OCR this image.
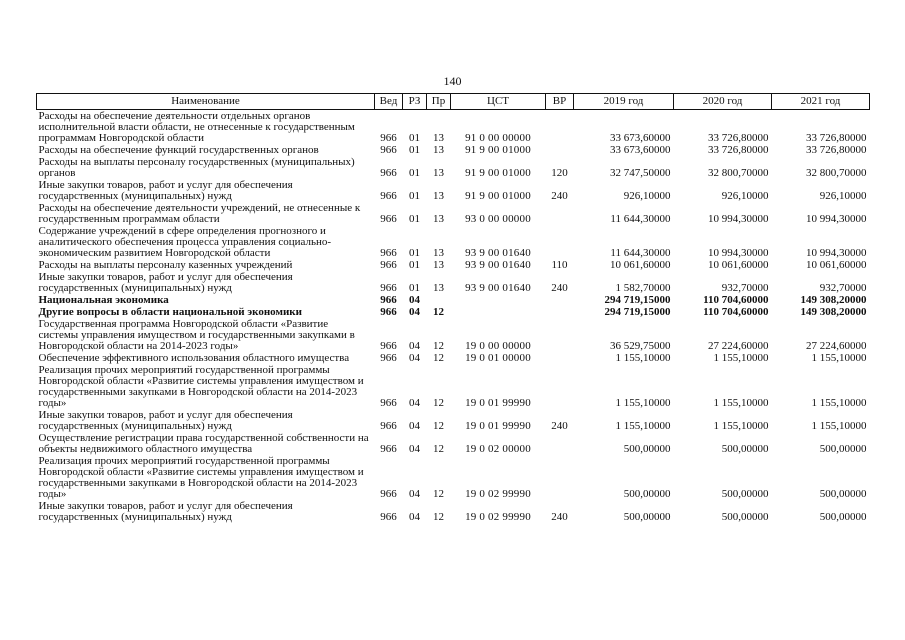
140
Наименование	Вед	РЗ	Пр	ЦСТ	ВР	2019 год	2020 год	2021 год
Расходы на обеспечение деятельности отдельных органов исполнительной власти области, не отнесенные к государственным программам Новгородской области	966	01	13	91 0 00 00000		33 673,60000	33 726,80000	33 726,80000
Расходы на обеспечение функций государственных органов	966	01	13	91 9 00 01000		33 673,60000	33 726,80000	33 726,80000
Расходы на выплаты персоналу государственных (муниципальных) органов	966	01	13	91 9 00 01000	120	32 747,50000	32 800,70000	32 800,70000
Иные закупки товаров, работ и услуг для обеспечения государственных (муниципальных) нужд	966	01	13	91 9 00 01000	240	926,10000	926,10000	926,10000
Расходы на обеспечение деятельности учреждений, не отнесенные к государственным программам области	966	01	13	93 0 00 00000		11 644,30000	10 994,30000	10 994,30000
Содержание учреждений в сфере определения прогнозного и аналитического обеспечения процесса управления социально-экономическим развитием Новгородской области	966	01	13	93 9 00 01640		11 644,30000	10 994,30000	10 994,30000
Расходы на выплаты персоналу казенных учреждений	966	01	13	93 9 00 01640	110	10 061,60000	10 061,60000	10 061,60000
Иные закупки товаров, работ и услуг для обеспечения государственных (муниципальных) нужд	966	01	13	93 9 00 01640	240	1 582,70000	932,70000	932,70000
Национальная экономика	966	04				294 719,15000	110 704,60000	149 308,20000
Другие вопросы в области национальной экономики	966	04	12			294 719,15000	110 704,60000	149 308,20000
Государственная программа Новгородской области «Развитие системы управления имуществом и государственными закупками в Новгородской области на 2014-2023 годы»	966	04	12	19 0 00 00000		36 529,75000	27 224,60000	27 224,60000
Обеспечение эффективного использования областного имущества	966	04	12	19 0 01 00000		1 155,10000	1 155,10000	1 155,10000
Реализация прочих мероприятий государственной программы Новгородской области «Развитие системы управления имуществом и государственными закупками в Новгородской области на 2014-2023 годы»	966	04	12	19 0 01 99990		1 155,10000	1 155,10000	1 155,10000
Иные закупки товаров, работ и услуг для обеспечения государственных (муниципальных) нужд	966	04	12	19 0 01 99990	240	1 155,10000	1 155,10000	1 155,10000
Осуществление регистрации права государственной собственности на объекты недвижимого областного имущества	966	04	12	19 0 02 00000		500,00000	500,00000	500,00000
Реализация прочих мероприятий государственной программы Новгородской области «Развитие системы управления имуществом и государственными закупками в Новгородской области на 2014-2023 годы»	966	04	12	19 0 02 99990		500,00000	500,00000	500,00000
Иные закупки товаров, работ и услуг для обеспечения государственных (муниципальных) нужд	966	04	12	19 0 02 99990	240	500,00000	500,00000	500,00000
